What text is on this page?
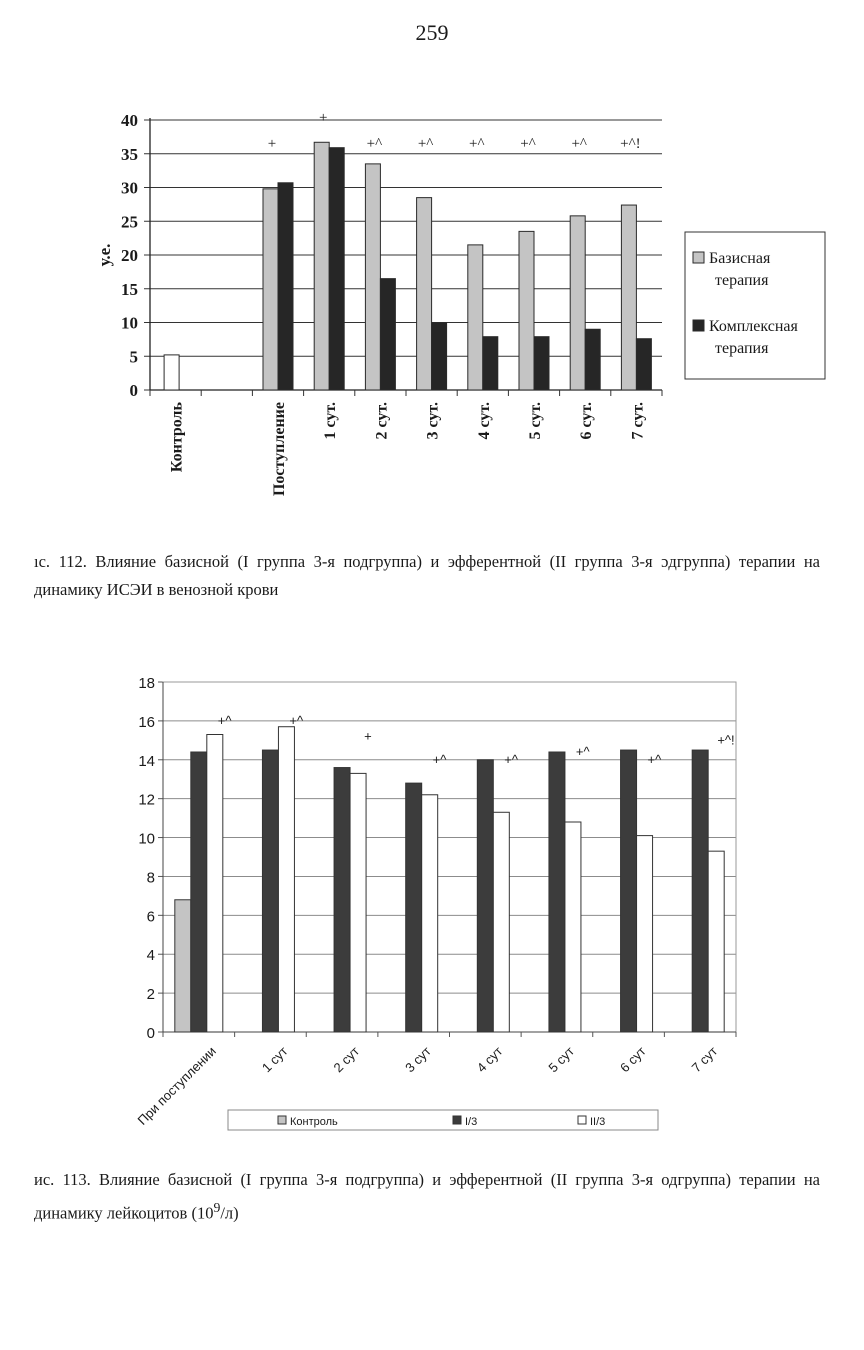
259
0
5
10
15
20
25
30
35
40
у.е.
+
+
+^ +^ +^ +^ +^ +^!
Контроль	Поступление 1 сут. 2 сут. 3 сут. 4 сут. 5 сут. 6 сут. 7 сут.
Базисная
терапия
Комплексная
терапия
ıс. 112. Влияние базисной (I группа 3-я подгруппа) и эфферентной (II группа 3-я ɔдгруппа) терапии на динамику ИСЭИ в венозной крови
0
2
4
6
8
10
12
14
16
18
+^
При поступлении
+^
1 сут
+
2 сут
+^
3 сут
+^
4 сут
+^
5 сут
+^
6 сут
+^!
7 сут
Контроль	I/3	II/3
ис. 113. Влияние базисной (I группа 3-я подгруппа) и эфферентной (II группа 3-я одгруппа) терапии на динамику лейкоцитов $(10^9/л)$
